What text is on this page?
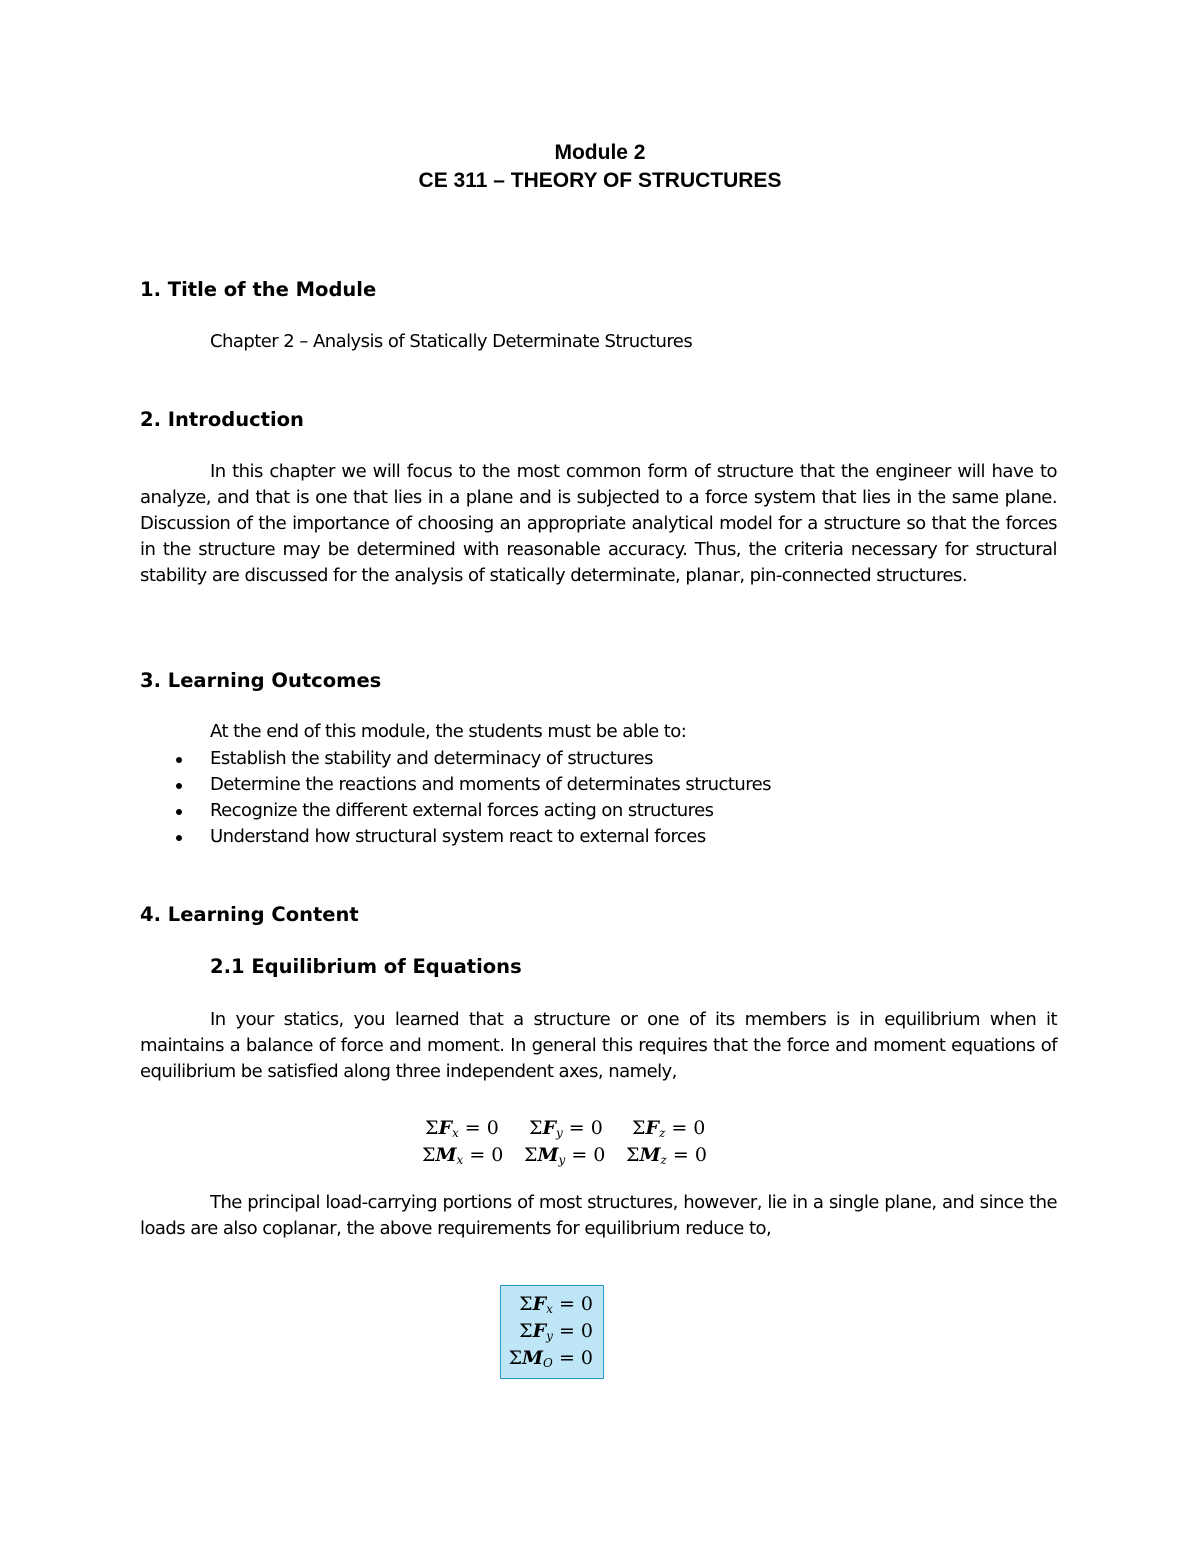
Module 2
CE 311 – THEORY OF STRUCTURES
1. Title of the Module
Chapter 2 – Analysis of Statically Determinate Structures
2. Introduction
In this chapter we will focus to the most common form of structure that the engineer will have to analyze, and that is one that lies in a plane and is subjected to a force system that lies in the same plane. Discussion of the importance of choosing an appropriate analytical model for a structure so that the forces in the structure may be determined with reasonable accuracy. Thus, the criteria necessary for structural stability are discussed for the analysis of statically determinate, planar, pin-connected structures.
3. Learning Outcomes
At the end of this module, the students must be able to:
Establish the stability and determinacy of structures
Determine the reactions and moments of determinates structures
Recognize the different external forces acting on structures
Understand how structural system react to external forces
4. Learning Content
2.1 Equilibrium of Equations
In your statics, you learned that a structure or one of its members is in equilibrium when it maintains a balance of force and moment. In general this requires that the force and moment equations of equilibrium be satisfied along three independent axes, namely,
$\Sigma F_x = 0$ $\Sigma F_y = 0$ $\Sigma F_z = 0$
$\Sigma M_x = 0$ $\Sigma M_y = 0$ $\Sigma M_z = 0$
The principal load-carrying portions of most structures, however, lie in a single plane, and since the loads are also coplanar, the above requirements for equilibrium reduce to,
$\Sigma F_x = 0$
$\Sigma F_y = 0$
$\Sigma M_O = 0$
